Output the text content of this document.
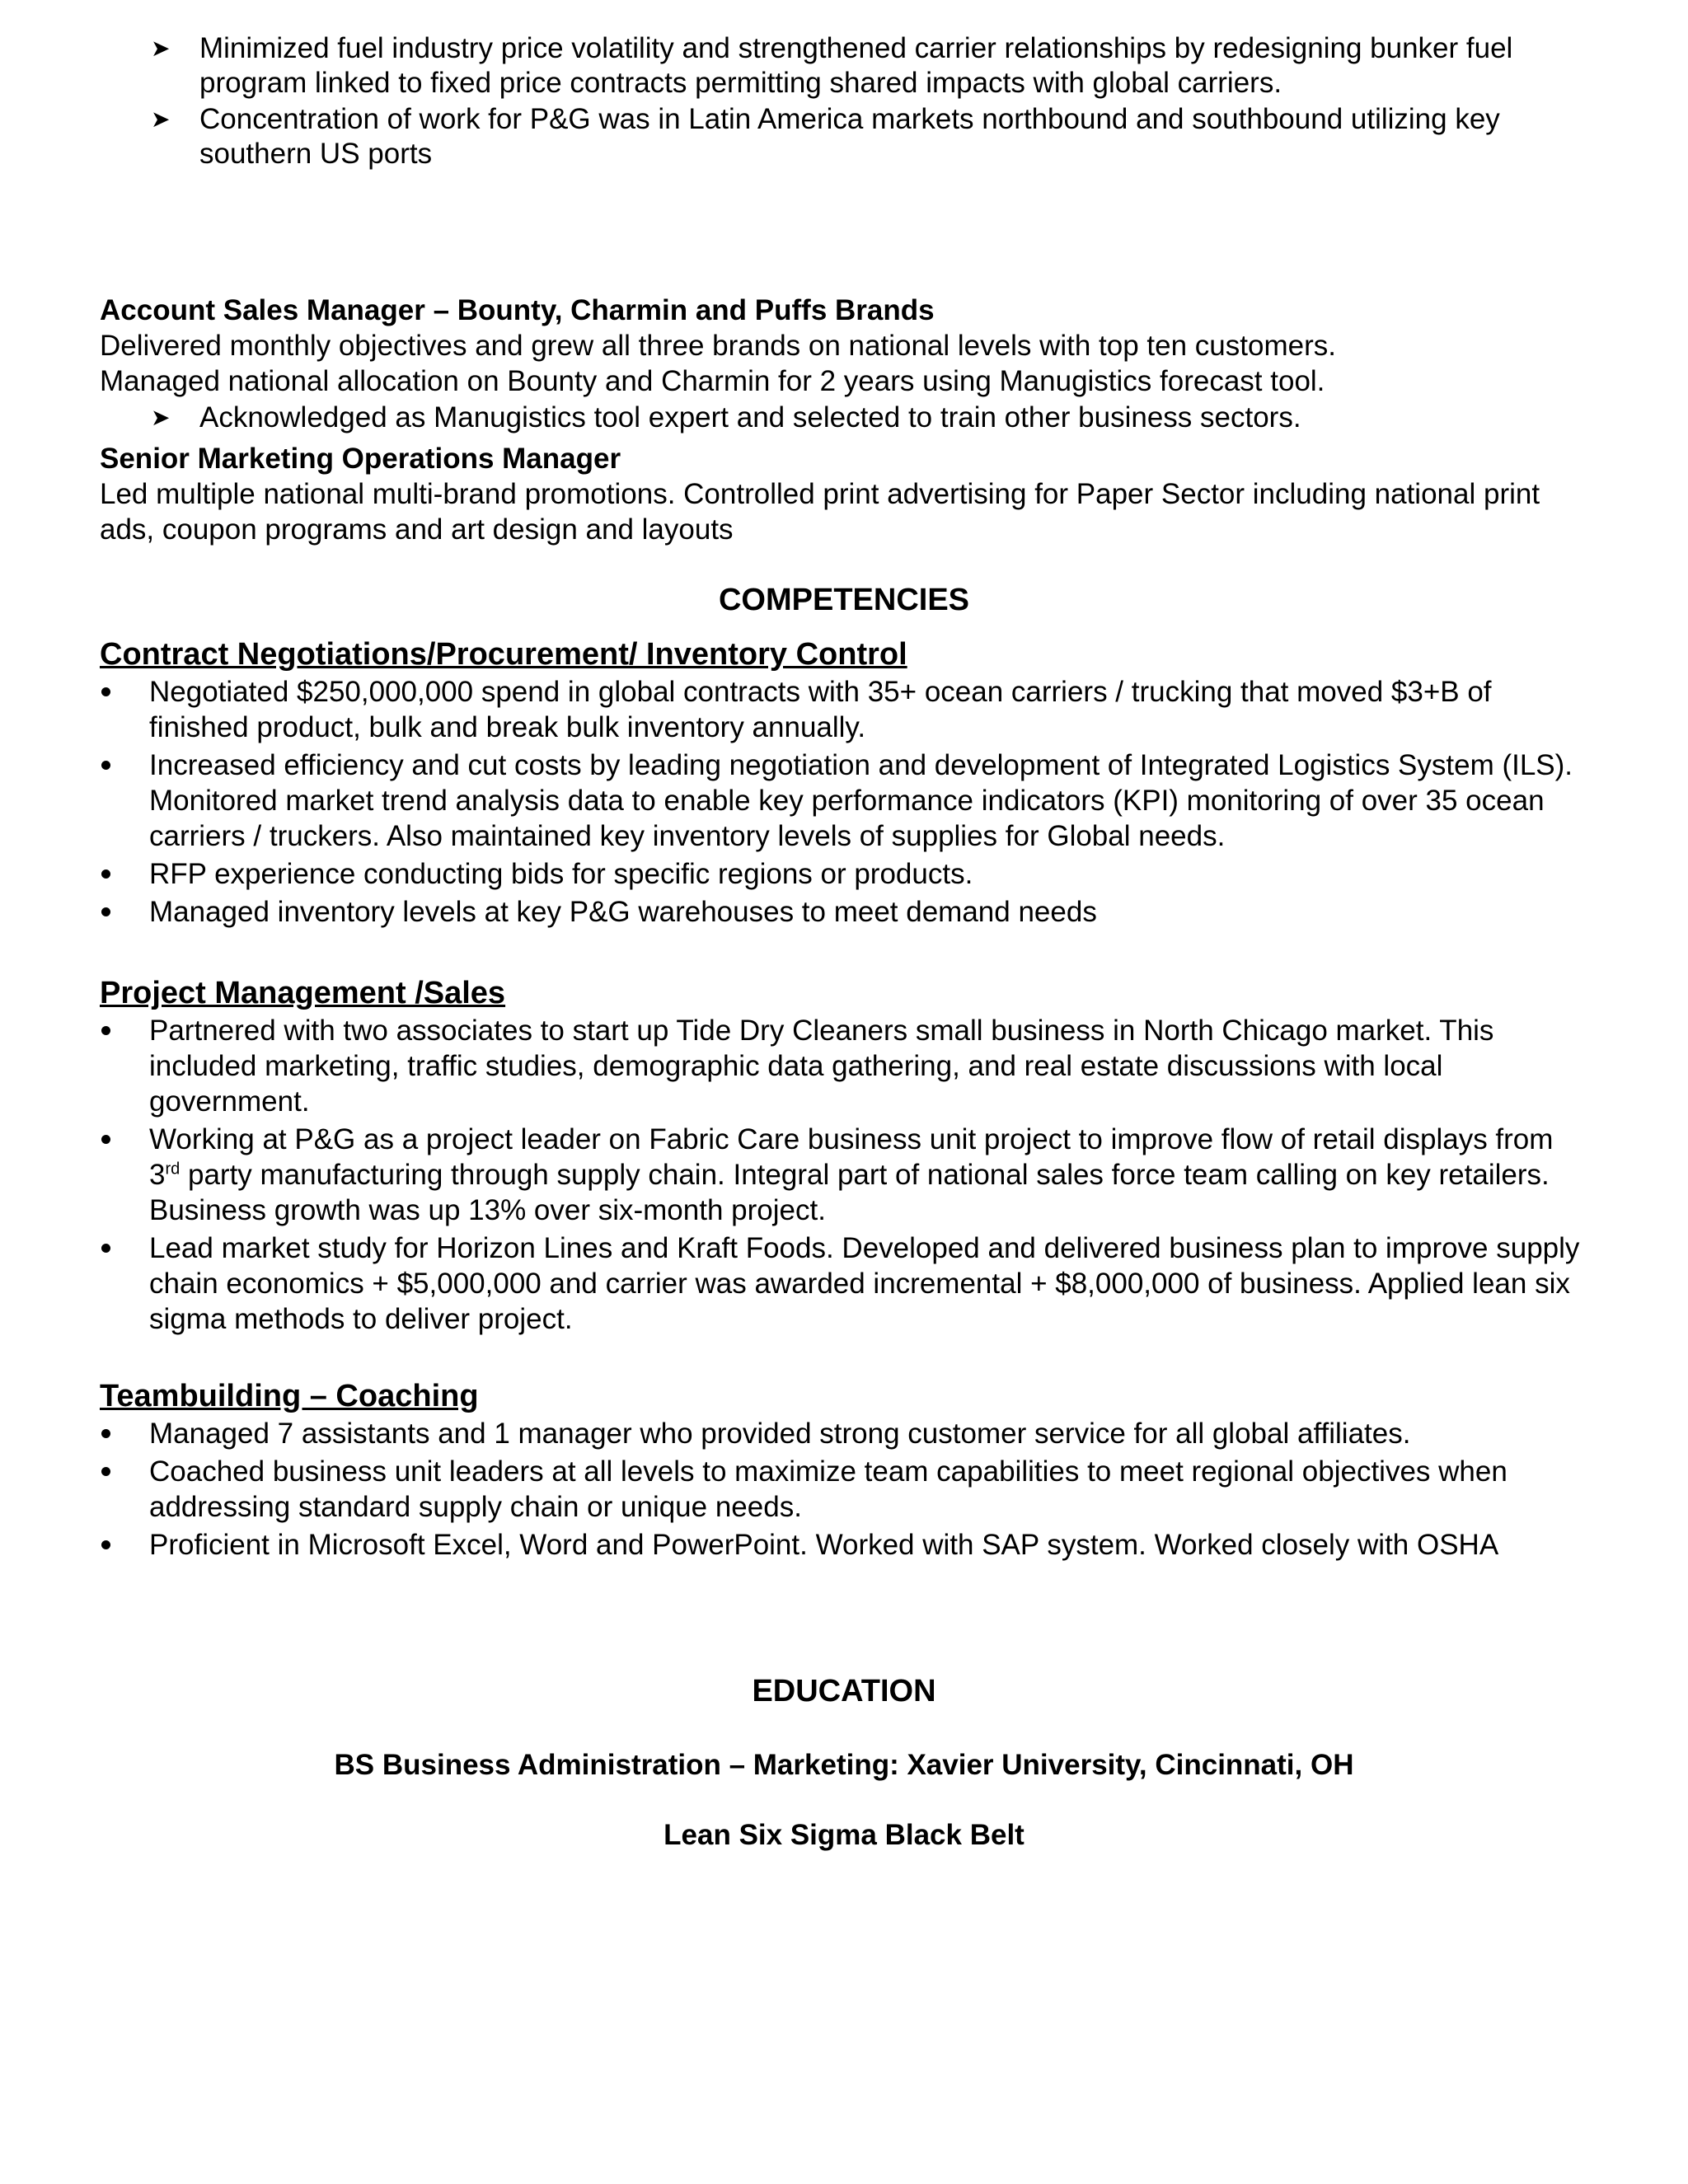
➤ Minimized fuel industry price volatility and strengthened carrier relationships by redesigning bunker fuel program linked to fixed price contracts permitting shared impacts with global carriers.
➤ Concentration of work for P&G was in Latin America markets northbound and southbound utilizing key southern US ports
Account Sales Manager – Bounty, Charmin and Puffs Brands
Delivered monthly objectives and grew all three brands on national levels with top ten customers.
Managed national allocation on Bounty and Charmin for 2 years using Manugistics forecast tool.
➤ Acknowledged as Manugistics tool expert and selected to train other business sectors.
Senior Marketing Operations Manager
Led multiple national multi-brand promotions. Controlled print advertising for Paper Sector including national print ads, coupon programs and art design and layouts
COMPETENCIES
Contract Negotiations/Procurement/ Inventory Control
Negotiated $250,000,000 spend in global contracts with 35+ ocean carriers / trucking that moved $3+B of finished product, bulk and break bulk inventory annually.
Increased efficiency and cut costs by leading negotiation and development of Integrated Logistics System (ILS). Monitored market trend analysis data to enable key performance indicators (KPI) monitoring of over 35 ocean carriers / truckers. Also maintained key inventory levels of supplies for Global needs.
RFP experience conducting bids for specific regions or products.
Managed inventory levels at key P&G warehouses to meet demand needs
Project Management /Sales
Partnered with two associates to start up Tide Dry Cleaners small business in North Chicago market. This included marketing, traffic studies, demographic data gathering, and real estate discussions with local government.
Working at P&G as a project leader on Fabric Care business unit project to improve flow of retail displays from 3rd party manufacturing through supply chain. Integral part of national sales force team calling on key retailers. Business growth was up 13% over six-month project.
Lead market study for Horizon Lines and Kraft Foods. Developed and delivered business plan to improve supply chain economics + $5,000,000 and carrier was awarded incremental + $8,000,000 of business. Applied lean six sigma methods to deliver project.
Teambuilding – Coaching
Managed 7 assistants and 1 manager who provided strong customer service for all global affiliates.
Coached business unit leaders at all levels to maximize team capabilities to meet regional objectives when addressing standard supply chain or unique needs.
Proficient in Microsoft Excel, Word and PowerPoint. Worked with SAP system. Worked closely with OSHA
EDUCATION
BS Business Administration – Marketing: Xavier University, Cincinnati, OH
Lean Six Sigma Black Belt
